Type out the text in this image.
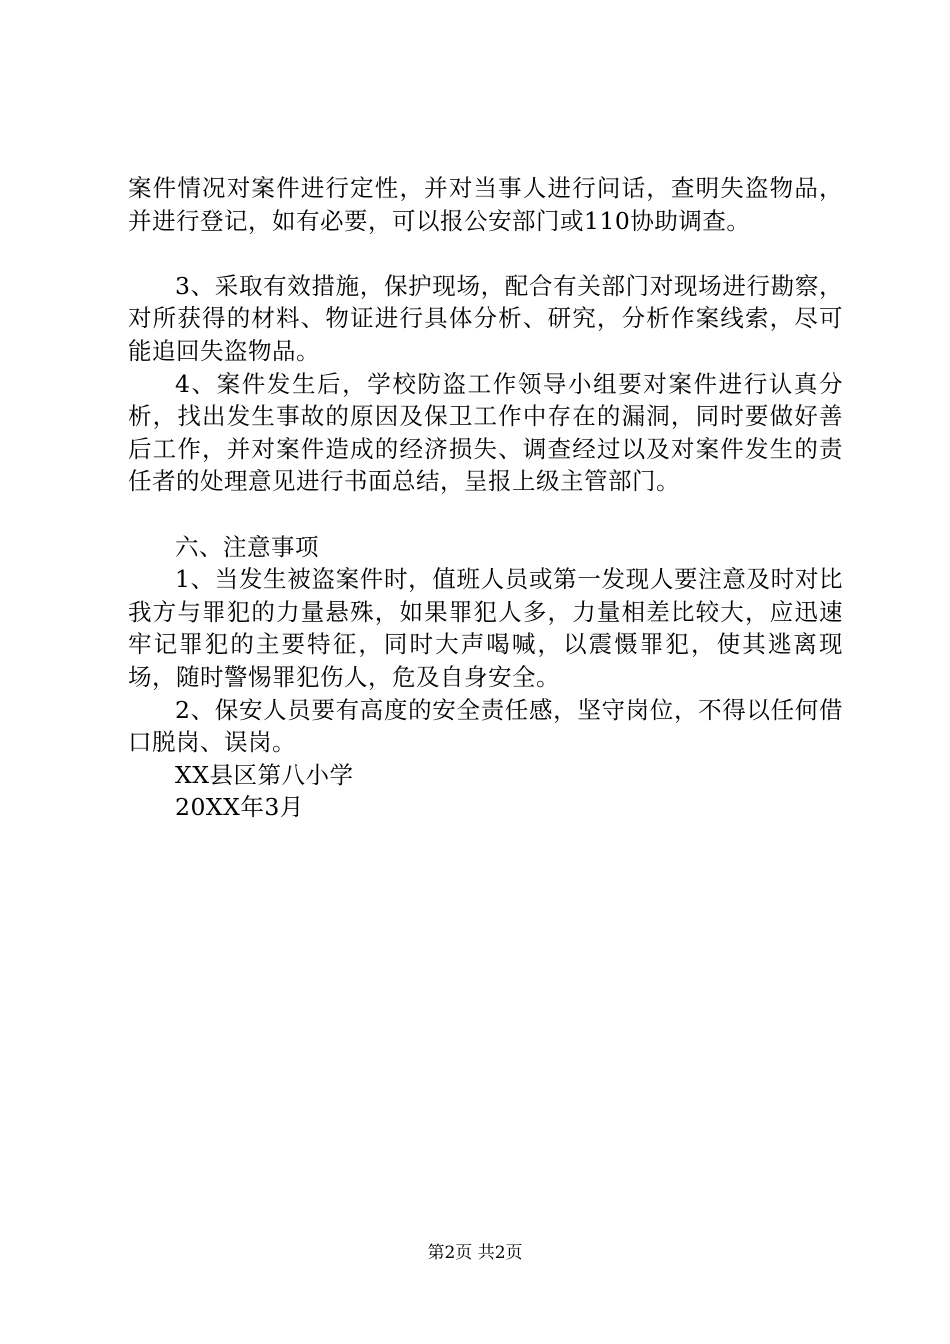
案件情况对案件进行定性，并对当事人进行问话，查明失盗物品，并进行登记，如有必要，可以报公安部门或110协助调查。

3、采取有效措施，保护现场，配合有关部门对现场进行勘察，对所获得的材料、物证进行具体分析、研究，分析作案线索，尽可能追回失盗物品。

4、案件发生后，学校防盗工作领导小组要对案件进行认真分析，找出发生事故的原因及保卫工作中存在的漏洞，同时要做好善后工作，并对案件造成的经济损失、调查经过以及对案件发生的责任者的处理意见进行书面总结，呈报上级主管部门。

六、注意事项

1、当发生被盗案件时，值班人员或第一发现人要注意及时对比我方与罪犯的力量悬殊，如果罪犯人多，力量相差比较大，应迅速牢记罪犯的主要特征，同时大声喝喊，以震慑罪犯，使其逃离现场，随时警惕罪犯伤人，危及自身安全。

2、保安人员要有高度的安全责任感，坚守岗位，不得以任何借口脱岗、误岗。

XX县区第八小学

20XX年3月

第2页 共2页
